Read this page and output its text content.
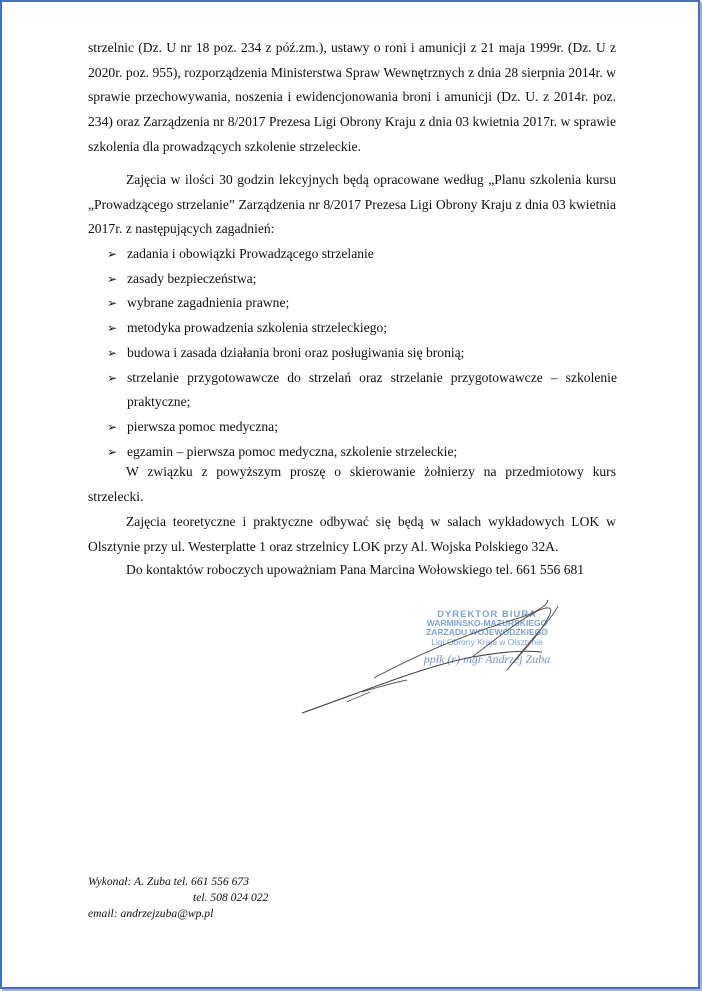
strzelnic (Dz. U nr 18 poz. 234 z póź.zm.), ustawy o roni i amunicji z 21 maja 1999r. (Dz. U z 2020r. poz. 955), rozporządzenia Ministerstwa Spraw Wewnętrznych z dnia 28 sierpnia 2014r. w sprawie przechowywania, noszenia i ewidencjonowania broni i amunicji (Dz. U. z 2014r. poz. 234) oraz Zarządzenia nr 8/2017 Prezesa Ligi Obrony Kraju z dnia 03 kwietnia 2017r. w sprawie szkolenia dla prowadzących szkolenie strzeleckie.

Zajęcia w ilości 30 godzin lekcyjnych będą opracowane według „Planu szkolenia kursu „Prowadzącego strzelanie” Zarządzenia nr 8/2017 Prezesa Ligi Obrony Kraju z dnia 03 kwietnia 2017r. z następujących zagadnień:

➢ zadania i obowiązki Prowadzącego strzelanie
➢ zasady bezpieczeństwa;
➢ wybrane zagadnienia prawne;
➢ metodyka prowadzenia szkolenia strzeleckiego;
➢ budowa i zasada działania broni oraz posługiwania się bronią;
➢ strzelanie przygotowawcze do strzelań oraz strzelanie przygotowawcze – szkolenie praktyczne;
➢ pierwsza pomoc medyczna;
➢ egzamin – pierwsza pomoc medyczna, szkolenie strzeleckie;

W związku z powyższym proszę o skierowanie żołnierzy na przedmiotowy kurs strzelecki.

Zajęcia teoretyczne i praktyczne odbywać się będą w salach wykładowych LOK w Olsztynie przy ul. Westerplatte 1 oraz strzelnicy LOK przy Al. Wojska Polskiego 32A.

Do kontaktów roboczych upoważniam Pana Marcina Wołowskiego tel. 661 556 681

DYREKTOR BIURA
WARMIŃSKO-MAZURSKIEGO
ZARZĄDU WOJEWÓDZKIEGO
Ligi Obrony Kraju w Olsztynie
ppłk (r) mgr Andrzej Zuba
Wykonał: A. Zuba tel. 661 556 673
tel. 508 024 022
email: andrzejzuba@wp.pl
